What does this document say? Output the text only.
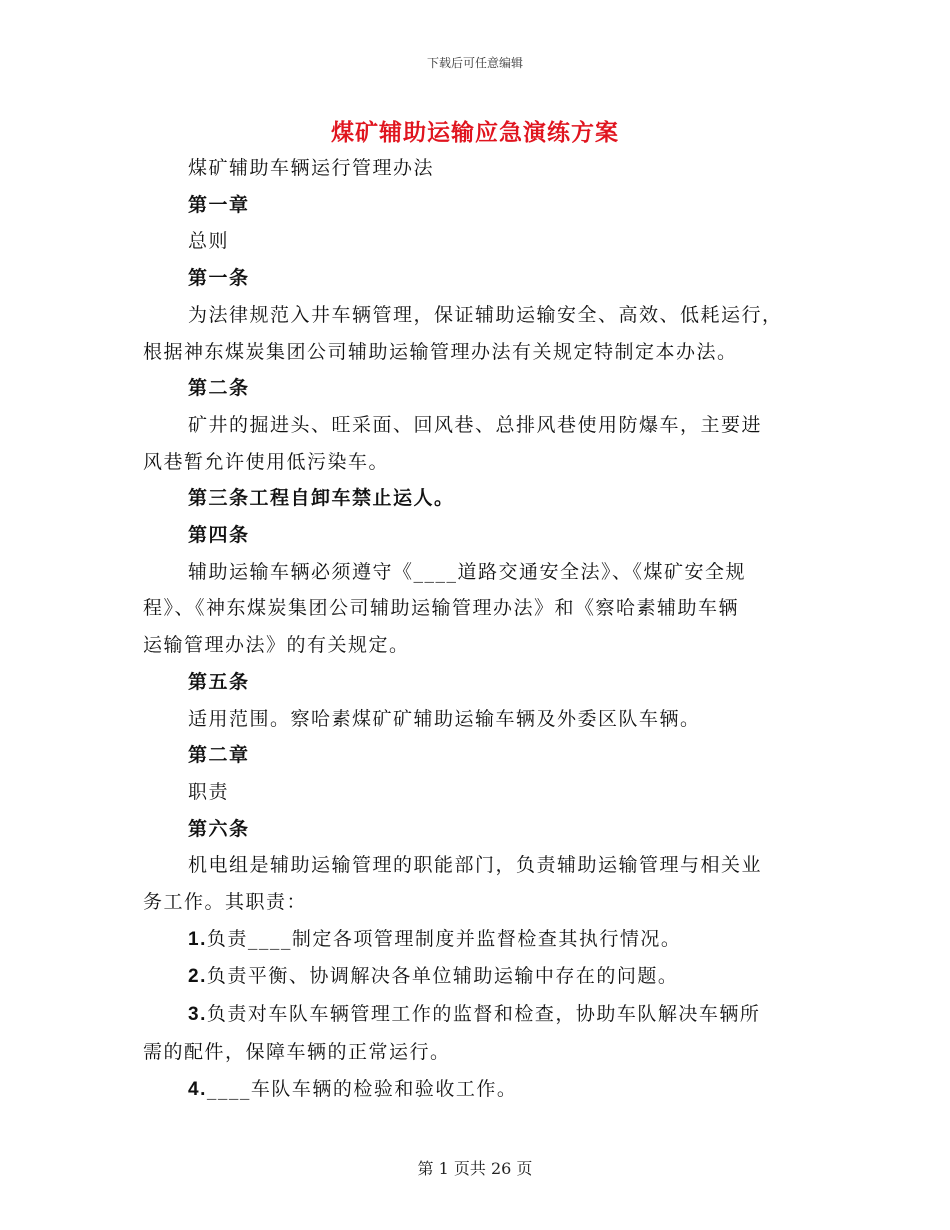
下载后可任意编辑
煤矿辅助运输应急演练方案

煤矿辅助车辆运行管理办法

第一章

总则

第一条

为法律规范入井车辆管理，保证辅助运输安全、高效、低耗运行，

根据神东煤炭集团公司辅助运输管理办法有关规定特制定本办法。

第二条

矿井的掘进头、旺采面、回风巷、总排风巷使用防爆车，主要进

风巷暂允许使用低污染车。

第三条工程自卸车禁止运人。

第四条

辅助运输车辆必须遵守《____道路交通安全法》、《煤矿安全规

程》、《神东煤炭集团公司辅助运输管理办法》和《察哈素辅助车辆

运输管理办法》的有关规定。

第五条

适用范围。察哈素煤矿矿辅助运输车辆及外委区队车辆。

第二章

职责

第六条

机电组是辅助运输管理的职能部门，负责辅助运输管理与相关业

务工作。其职责：

1.负责____制定各项管理制度并监督检查其执行情况。

2.负责平衡、协调解决各单位辅助运输中存在的问题。

3.负责对车队车辆管理工作的监督和检查，协助车队解决车辆所

需的配件，保障车辆的正常运行。

4.____车队车辆的检验和验收工作。

第 1 页共 26 页
